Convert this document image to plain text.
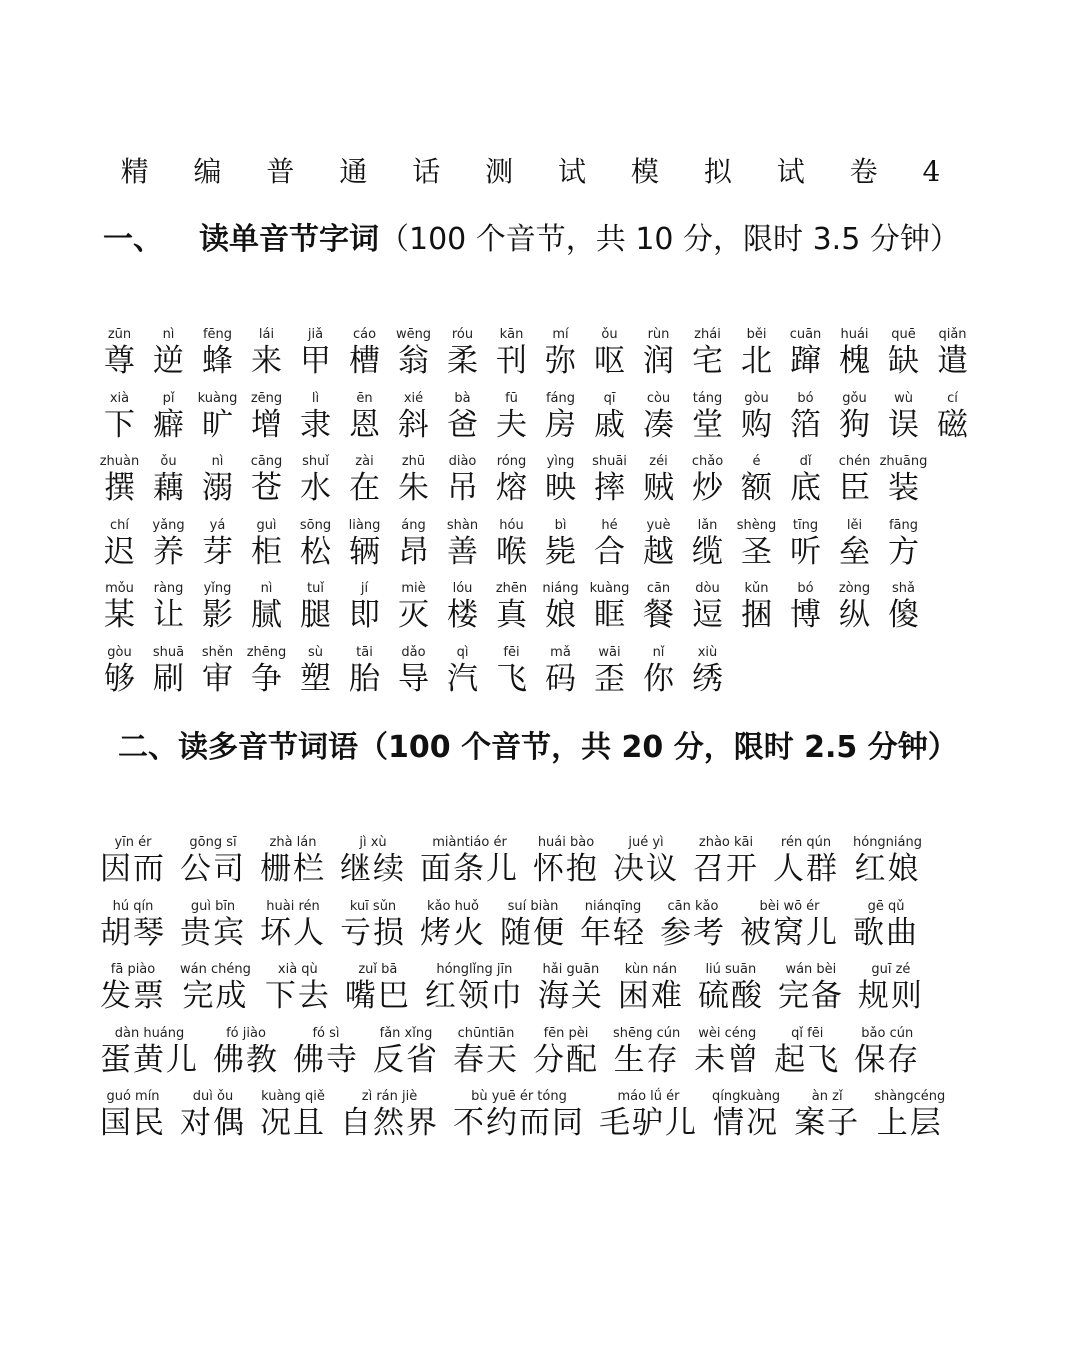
精 编 普 通 话 测 试 模 拟 试 卷 4
一、 读单音节字词（100 个音节，共 10 分，限时 3.5 分钟）
zūn
尊
nì
逆
fēng
蜂
lái
来
jiǎ
甲
cáo
槽
wēng
翁
róu
柔
kān
刊
mí
弥
ǒu
呕
rùn
润
zhái
宅
běi
北
cuān
蹿
huái
槐
quē
缺
qiǎn
遣
xià
下
pǐ
癖
kuàng
旷
zēng
增
lì
隶
ēn
恩
xié
斜
bà
爸
fū
夫
fáng
房
qī
戚
còu
凑
táng
堂
gòu
购
bó
箔
gǒu
狗
wù
误
cí
磁
zhuàn
撰
ǒu
藕
nì
溺
cāng
苍
shuǐ
水
zài
在
zhū
朱
diào
吊
róng
熔
yìng
映
shuāi
摔
zéi
贼
chǎo
炒
é
额
dǐ
底
chén
臣
zhuāng
装
chí
迟
yǎng
养
yá
芽
guì
柜
sōng
松
liàng
辆
áng
昂
shàn
善
hóu
喉
bì
毙
hé
合
yuè
越
lǎn
缆
shèng
圣
tīng
听
lěi
垒
fāng
方
mǒu
某
ràng
让
yǐng
影
nì
腻
tuǐ
腿
jí
即
miè
灭
lóu
楼
zhēn
真
niáng
娘
kuàng
眶
cān
餐
dòu
逗
kǔn
捆
bó
博
zòng
纵
shǎ
傻
gòu
够
shuā
刷
shěn
审
zhēng
争
sù
塑
tāi
胎
dǎo
导
qì
汽
fēi
飞
mǎ
码
wāi
歪
nǐ
你
xiù
绣
二、读多音节词语（100 个音节，共 20 分，限时 2.5 分钟）
yīn ér
因而
gōng sī
公司
zhà lán
栅栏
jì xù
继续
miàntiáo ér
面条儿
huái bào
怀抱
jué yì
决议
zhào kāi
召开
rén qún
人群
hóngniáng
红娘
hú qín
胡琴
guì bīn
贵宾
huài rén
坏人
kuī sǔn
亏损
kǎo huǒ
烤火
suí biàn
随便
niánqīng
年轻
cān kǎo
参考
bèi wō ér
被窝儿
gē qǔ
歌曲
fā piào
发票
wán chéng
完成
xià qù
下去
zuǐ bā
嘴巴
hónglǐng jīn
红领巾
hǎi guān
海关
kùn nán
困难
liú suān
硫酸
wán bèi
完备
guī zé
规则
dàn huáng
蛋黄儿
fó jiào
佛教
fó sì
佛寺
fǎn xǐng
反省
chūntiān
春天
fēn pèi
分配
shēng cún
生存
wèi céng
未曾
qǐ fēi
起飞
bǎo cún
保存
guó mín
国民
duì ǒu
对偶
kuàng qiě
况且
zì rán jiè
自然界
bù yuē ér tóng
不约而同
máo lǘ ér
毛驴儿
qíngkuàng
情况
àn zǐ
案子
shàngcéng
上层
